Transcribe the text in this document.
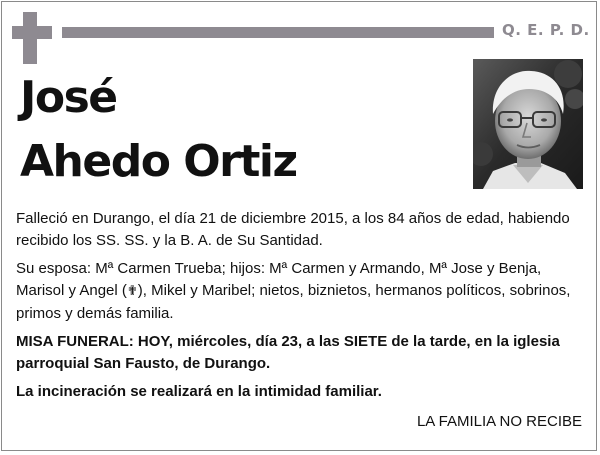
Q. E. P. D.
José
Ahedo Ortiz

Falleció en Durango, el día 21 de diciembre 2015, a los 84 años de edad, habiendo recibido los SS. SS. y la B. A. de Su Santidad.

Su esposa: Mª Carmen Trueba; hijos: Mª Carmen y Armando, Mª Jose y Benja, Marisol y Angel (✟), Mikel y Maribel; nietos, biznietos, hermanos políticos, sobrinos, primos y demás familia.

MISA FUNERAL: HOY, miércoles, día 23, a las SIETE de la tarde, en la iglesia parroquial San Fausto, de Durango.

La incineración se realizará en la intimidad familiar.

LA FAMILIA NO RECIBE
